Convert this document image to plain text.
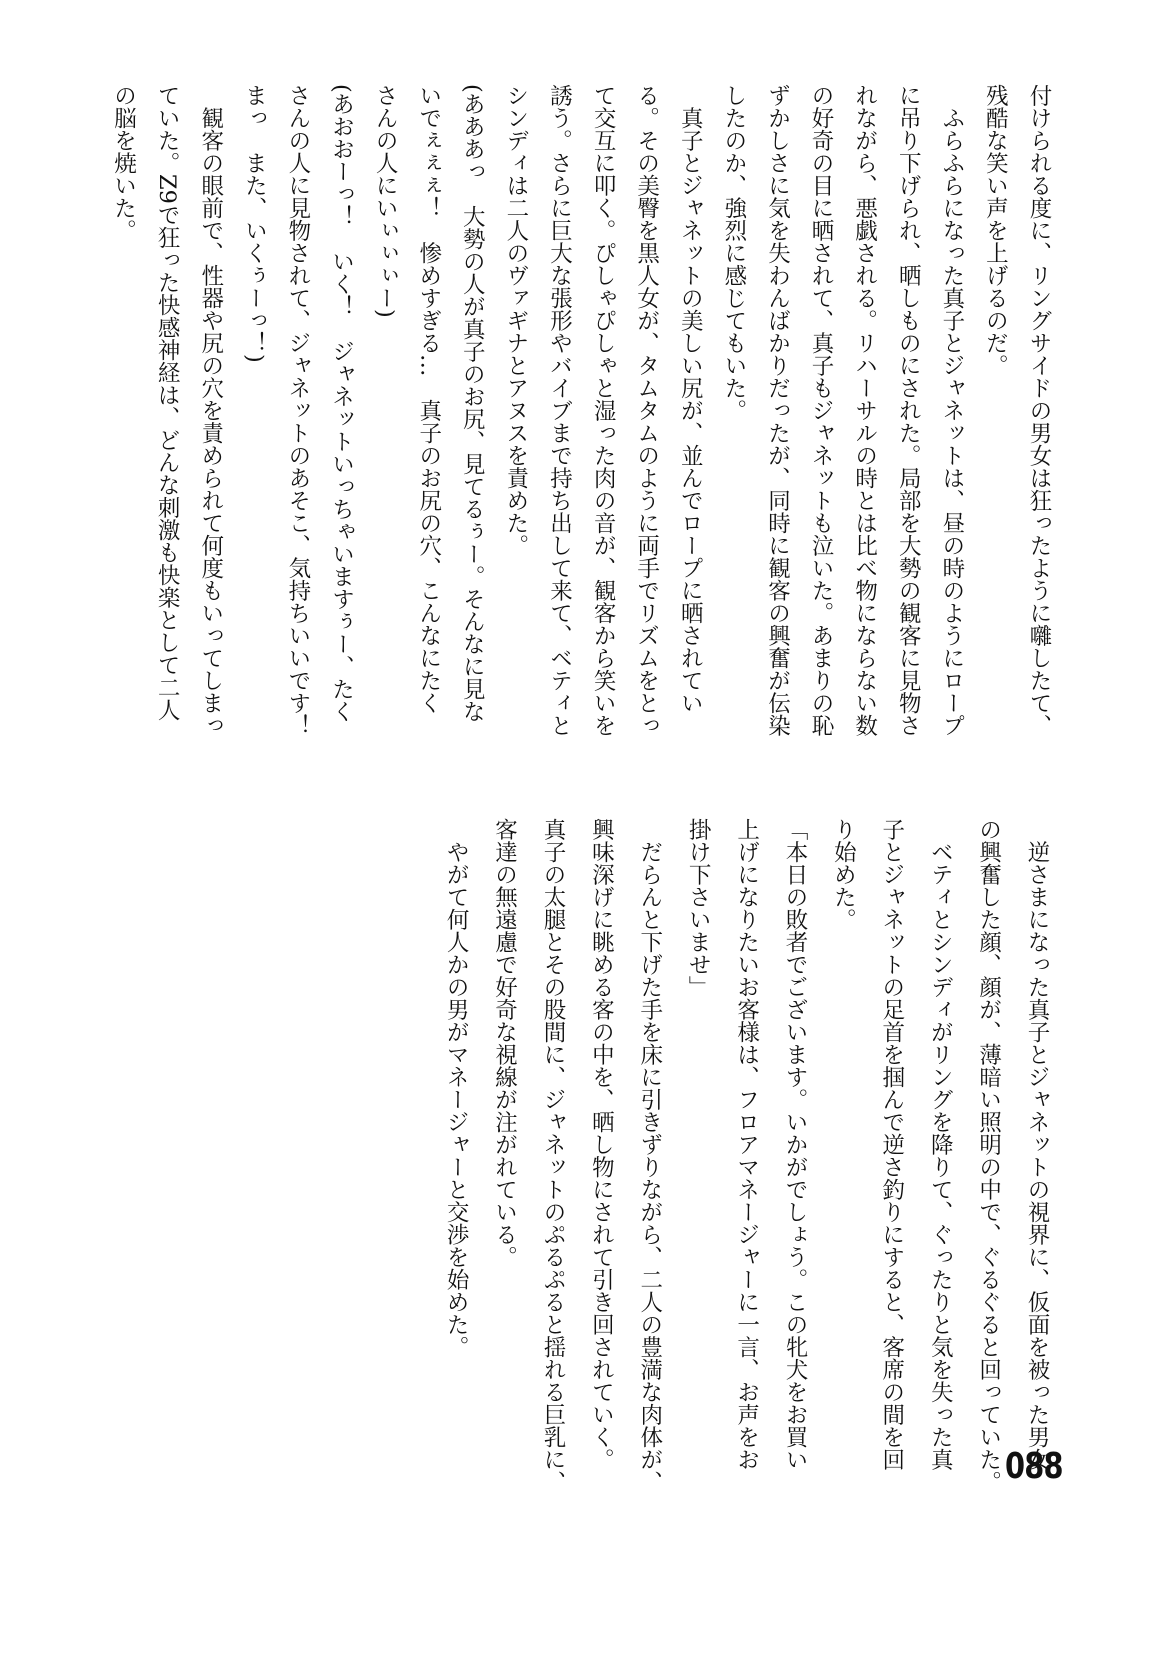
付けられる度に、リングサイドの男女は狂ったように囃したて、
残酷な笑い声を上げるのだ。
　ふらふらになった真子とジャネットは、昼の時のようにロープ
に吊り下げられ、晒しものにされた。局部を大勢の観客に見物さ
れながら、悪戯される。リハーサルの時とは比べ物にならない数
の好奇の目に晒されて、真子もジャネットも泣いた。あまりの恥
ずかしさに気を失わんばかりだったが、同時に観客の興奮が伝染
したのか、強烈に感じてもいた。
　真子とジャネットの美しい尻が、並んでロープに晒されてい
る。その美臀を黒人女が、タムタムのように両手でリズムをとっ
て交互に叩く。ぴしゃぴしゃと湿った肉の音が、観客から笑いを
誘う。さらに巨大な張形やバイブまで持ち出して来て、ベティと
シンディは二人のヴァギナとアヌスを責めた。
(あああっ　大勢の人が真子のお尻、見てるぅー。そんなに見な
いでぇぇぇ！　惨めすぎる…　真子のお尻の穴、こんなにたく
さんの人にいぃぃぃー)
(あおおーっ！　いく！　ジャネットいっちゃいますぅー、たく
さんの人に見物されて、ジャネットのあそこ、気持ちいいです！
まっ　また、いくぅーっ！)
　観客の眼前で、性器や尻の穴を責められて何度もいってしまっ
ていた。Z9で狂った快感神経は、どんな刺激も快楽として二人
の脳を焼いた。
　逆さまになった真子とジャネットの視界に、仮面を被った男女
の興奮した顔、顔が、薄暗い照明の中で、ぐるぐると回っていた。
　ベティとシンディがリングを降りて、ぐったりと気を失った真
子とジャネットの足首を掴んで逆さ釣りにすると、客席の間を回
り始めた。
「本日の敗者でございます。いかがでしょう。この牝犬をお買い
上げになりたいお客様は、フロアマネージャーに一言、お声をお
掛け下さいませ」
　だらんと下げた手を床に引きずりながら、二人の豊満な肉体が、
興味深げに眺める客の中を、晒し物にされて引き回されていく。
真子の太腿とその股間に、ジャネットのぷるぷると揺れる巨乳に、
客達の無遠慮で好奇な視線が注がれている。
　やがて何人かの男がマネージャーと交渉を始めた。
088
